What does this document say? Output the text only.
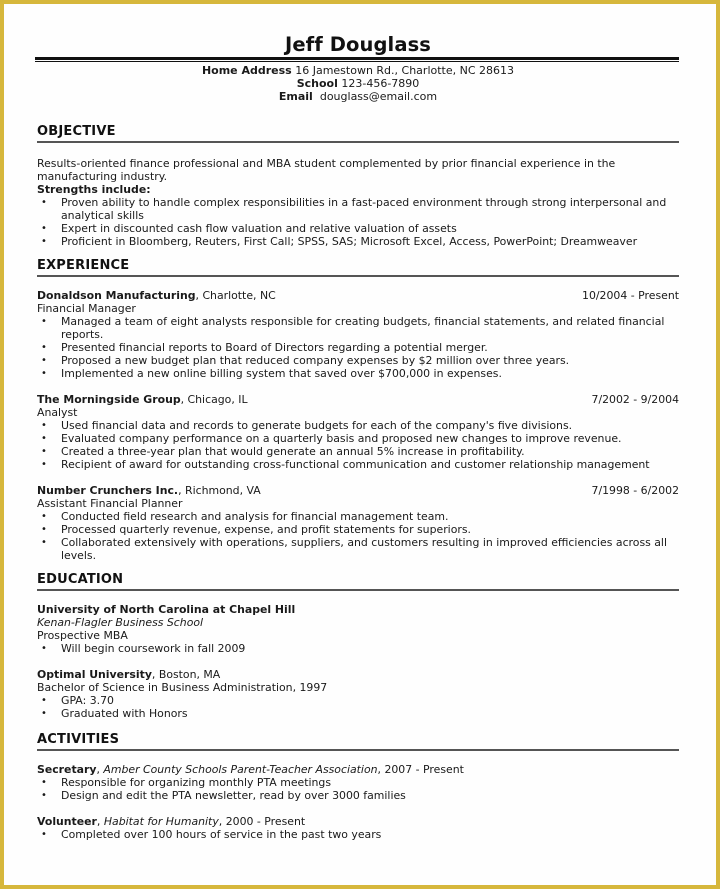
Jeff Douglass
Home Address 16 Jamestown Rd., Charlotte, NC 28613
School 123-456-7890
Email douglass@email.com
OBJECTIVE

Results-oriented finance professional and MBA student complemented by prior financial experience in the

manufacturing industry.

Strengths include:

•	Proven ability to handle complex responsibilities in a fast-paced environment through strong interpersonal and
analytical skills
•	Expert in discounted cash flow valuation and relative valuation of assets
•	Proficient in Bloomberg, Reuters, First Call; SPSS, SAS; Microsoft Excel, Access, PowerPoint; Dreamweaver
EXPERIENCE
Donaldson Manufacturing, Charlotte, NC	10/2004 - Present
Financial Manager
•	Managed a team of eight analysts responsible for creating budgets, financial statements, and related financial
reports.
•	Presented financial reports to Board of Directors regarding a potential merger.
•	Proposed a new budget plan that reduced company expenses by $2 million over three years.
•	Implemented a new online billing system that saved over $700,000 in expenses.
The Morningside Group, Chicago, IL	7/2002 - 9/2004
Analyst
•	Used financial data and records to generate budgets for each of the company's five divisions.
•	Evaluated company performance on a quarterly basis and proposed new changes to improve revenue.
•	Created a three-year plan that would generate an annual 5% increase in profitability.
•	Recipient of award for outstanding cross-functional communication and customer relationship management
Number Crunchers Inc., Richmond, VA	7/1998 - 6/2002
Assistant Financial Planner
•	Conducted field research and analysis for financial management team.
•	Processed quarterly revenue, expense, and profit statements for superiors.
•	Collaborated extensively with operations, suppliers, and customers resulting in improved efficiencies across all
levels.
EDUCATION
University of North Carolina at Chapel Hill
Kenan-Flagler Business School
Prospective MBA
•	Will begin coursework in fall 2009
Optimal University, Boston, MA
Bachelor of Science in Business Administration, 1997
•	GPA: 3.70
•	Graduated with Honors
ACTIVITIES
Secretary, Amber County Schools Parent-Teacher Association, 2007 - Present
•	Responsible for organizing monthly PTA meetings
•	Design and edit the PTA newsletter, read by over 3000 families
Volunteer, Habitat for Humanity, 2000 - Present
•	Completed over 100 hours of service in the past two years
